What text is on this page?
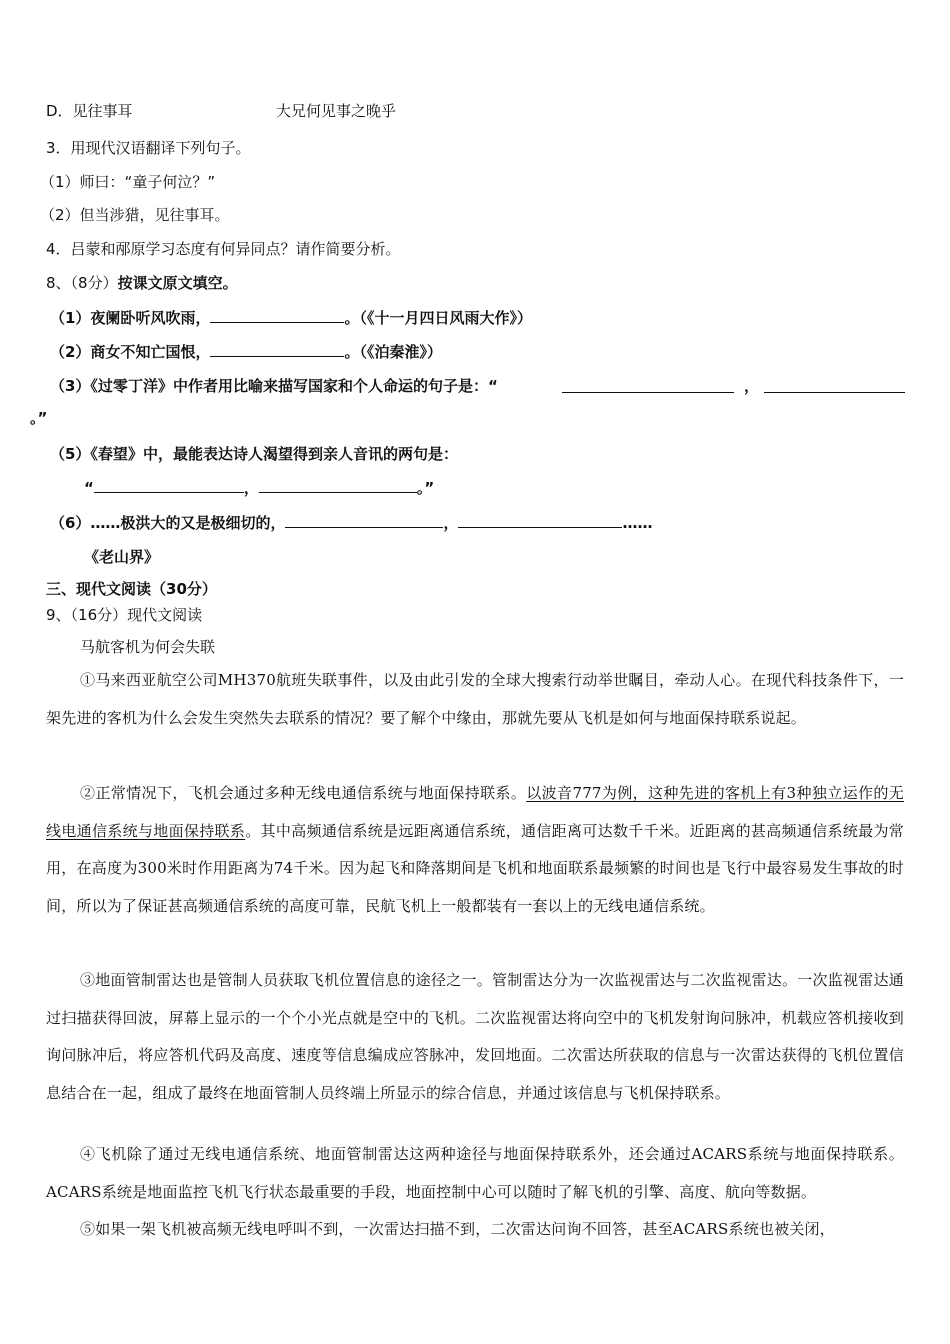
D．见往事耳	大兄何见事之晚乎
3．用现代汉语翻译下列句子。
（1）师曰：“童子何泣？”
（2）但当涉猎，见往事耳。
4．吕蒙和邴原学习态度有何异同点？请作简要分析。
8、（8分）按课文原文填空。
（1）夜阑卧听风吹雨，	。（《十一月四日风雨大作》）
（2）商女不知亡国恨，	。（《泊秦淮》）
（3）《过零丁洋》中作者用比喻来描写国家和个人命运的句子是：“	，
。”
（5）《春望》中，最能表达诗人渴望得到亲人音讯的两句是：
“	，	。”
（6）……极洪大的又是极细切的，	，	……
《老山界》
三、现代文阅读（30分）
9、（16分）现代文阅读
马航客机为何会失联
①马来西亚航空公司MH370航班失联事件，以及由此引发的全球大搜索行动举世瞩目，牵动人心。在现代科技条件下，一架先进的客机为什么会发生突然失去联系的情况？要了解个中缘由，那就先要从飞机是如何与地面保持联系说起。
②正常情况下，飞机会通过多种无线电通信系统与地面保持联系。以波音777为例，这种先进的客机上有3种独立运作的无线电通信系统与地面保持联系。其中高频通信系统是远距离通信系统，通信距离可达数千千米。近距离的甚高频通信系统最为常用，在高度为300米时作用距离为74千米。因为起飞和降落期间是飞机和地面联系最频繁的时间也是飞行中最容易发生事故的时间，所以为了保证甚高频通信系统的高度可靠，民航飞机上一般都装有一套以上的无线电通信系统。
③地面管制雷达也是管制人员获取飞机位置信息的途径之一。管制雷达分为一次监视雷达与二次监视雷达。一次监视雷达通过扫描获得回波，屏幕上显示的一个个小光点就是空中的飞机。二次监视雷达将向空中的飞机发射询问脉冲，机载应答机接收到询问脉冲后，将应答机代码及高度、速度等信息编成应答脉冲，发回地面。二次雷达所获取的信息与一次雷达获得的飞机位置信息结合在一起，组成了最终在地面管制人员终端上所显示的综合信息，并通过该信息与飞机保持联系。
④飞机除了通过无线电通信系统、地面管制雷达这两种途径与地面保持联系外，还会通过ACARS系统与地面保持联系。ACARS系统是地面监控飞机飞行状态最重要的手段，地面控制中心可以随时了解飞机的引擎、高度、航向等数据。
⑤如果一架飞机被高频无线电呼叫不到，一次雷达扫描不到，二次雷达问询不回答，甚至ACARS系统也被关闭，
